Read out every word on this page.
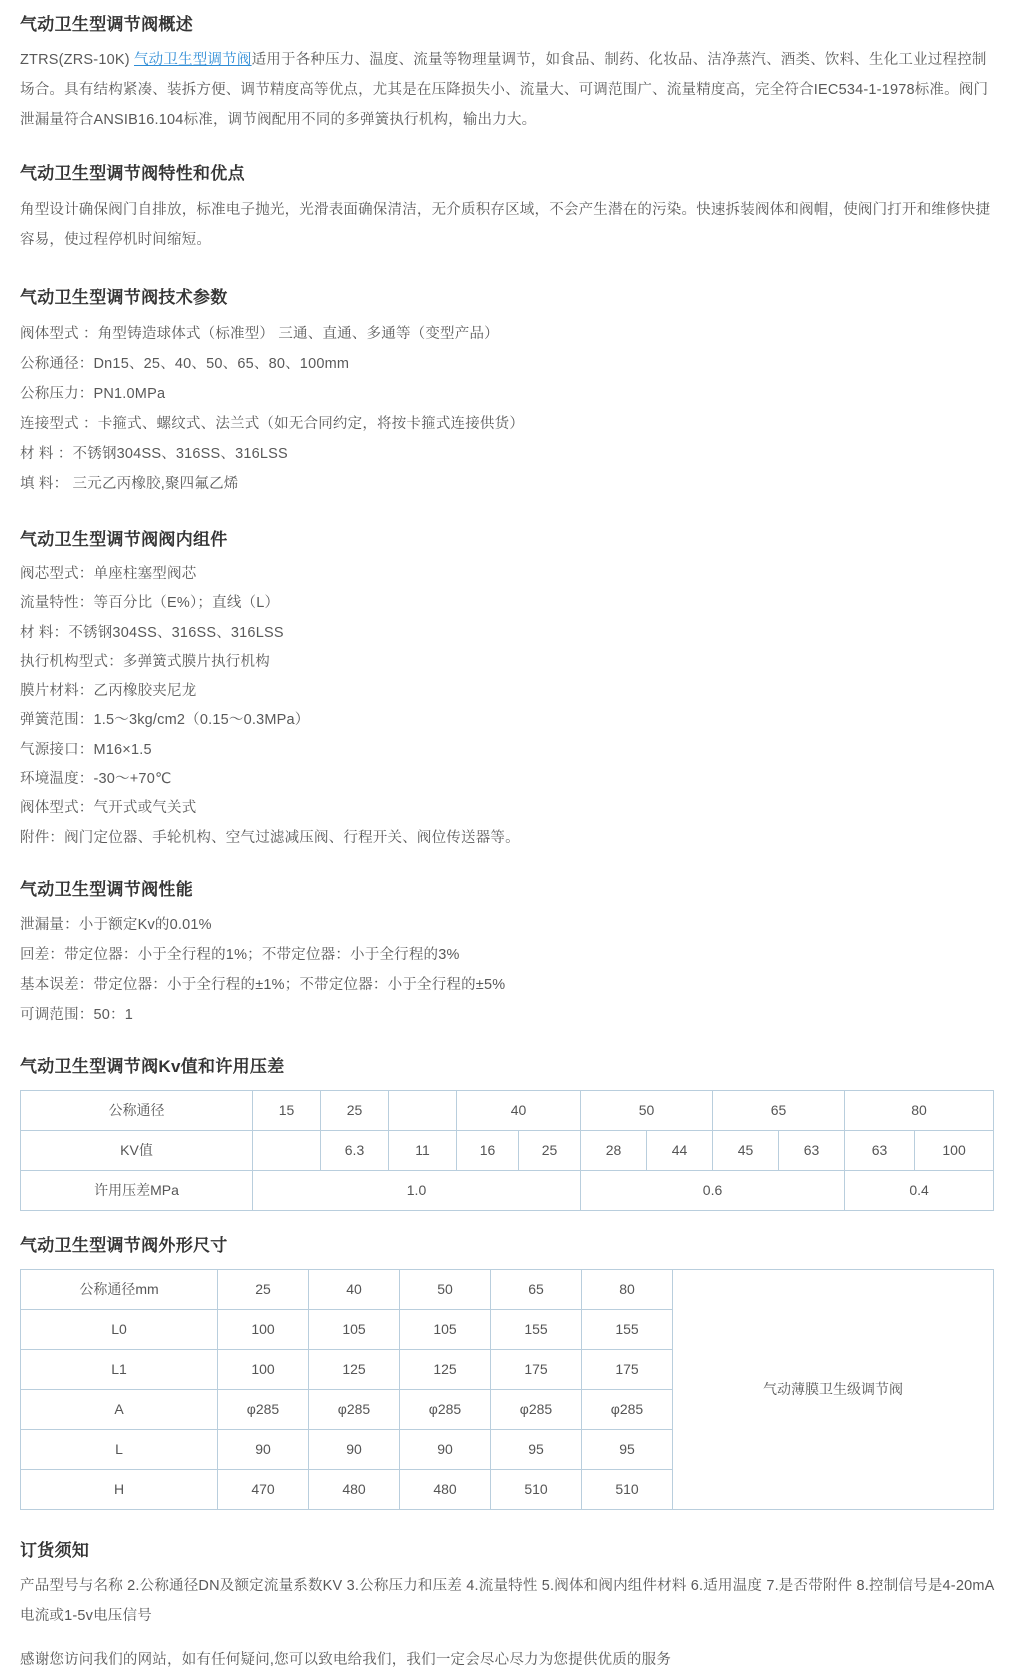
气动卫生型调节阀概述

ZTRS(ZRS-10K) 气动卫生型调节阀适用于各种压力、温度、流量等物理量调节，如食品、制药、化妆品、洁净蒸汽、酒类、饮料、生化工业过程控制场合。具有结构紧凑、装拆方便、调节精度高等优点，尤其是在压降损失小、流量大、可调范围广、流量精度高，完全符合IEC534-1-1978标准。阀门泄漏量符合ANSIB16.104标准，调节阀配用不同的多弹簧执行机构，输出力大。

气动卫生型调节阀特性和优点

角型设计确保阀门自排放，标准电子抛光，光滑表面确保清洁，无介质积存区域，不会产生潜在的污染。快速拆装阀体和阀帽，使阀门打开和维修快捷容易，使过程停机时间缩短。

气动卫生型调节阀技术参数

阀体型式 ：角型铸造球体式（标准型） 三通、直通、多通等（变型产品）

公称通径：Dn15、25、40、50、65、80、100mm

公称压力：PN1.0MPa

连接型式 ：卡箍式、螺纹式、法兰式（如无合同约定，将按卡箍式连接供货）

材 料 ：不锈钢304SS、316SS、316LSS

填 料： 三元乙丙橡胶,聚四氟乙烯

气动卫生型调节阀阀内组件

阀芯型式：单座柱塞型阀芯

流量特性：等百分比（E%）；直线（L）

材 料：不锈钢304SS、316SS、316LSS

执行机构型式：多弹簧式膜片执行机构

膜片材料：乙丙橡胶夹尼龙

弹簧范围：1.5～3kg/cm2（0.15～0.3MPa）

气源接口：M16×1.5

环境温度：-30～+70℃

阀体型式：气开式或气关式

附件：阀门定位器、手轮机构、空气过滤减压阀、行程开关、阀位传送器等。

气动卫生型调节阀性能

泄漏量：小于额定Kv的0.01%

回差：带定位器：小于全行程的1%；不带定位器：小于全行程的3%

基本误差：带定位器：小于全行程的±1%；不带定位器：小于全行程的±5%

可调范围：50：1

气动卫生型调节阀Kv值和许用压差
公称通径	15	25		40		50		65		80	
KV值		6.3	11	16	25	28	44	45	63	63	100
许用压差MPa	1.0					0.6				0.4	
气动卫生型调节阀外形尺寸
公称通径mm	25	40	50	65	80	气动薄膜卫生级调节阀
L0	100	105	105	155	155	
L1	100	125	125	175	175	
A	φ285	φ285	φ285	φ285	φ285	
L	90	90	90	95	95	
H	470	480	480	510	510	
订货须知

产品型号与名称 2.公称通径DN及额定流量系数KV 3.公称压力和压差 4.流量特性 5.阀体和阀内组件材料 6.适用温度 7.是否带附件 8.控制信号是4-20mA电流或1-5v电压信号

感谢您访问我们的网站，如有任何疑问,您可以致电给我们，我们一定会尽心尽力为您提供优质的服务
